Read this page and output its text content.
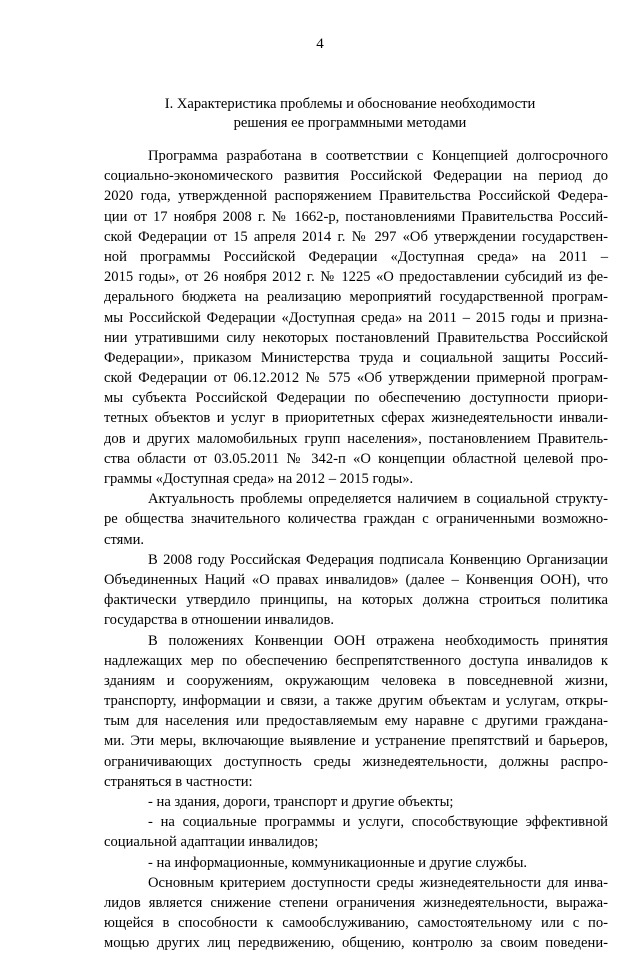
4
I. Характеристика проблемы и обоснование необходимости
решения ее программными методами
Программа разработана в соответствии с Концепцией долгосрочного
социально-экономического развития Российской Федерации на период до
2020 года, утвержденной распоряжением Правительства Российской Федера-
ции от 17 ноября 2008 г. № 1662-р, постановлениями Правительства Россий-
ской Федерации от 15 апреля 2014 г. № 297 «Об утверждении государствен-
ной программы Российской Федерации «Доступная среда» на 2011 –
2015 годы», от 26 ноября 2012 г. № 1225 «О предоставлении субсидий из фе-
дерального бюджета на реализацию мероприятий государственной програм-
мы Российской Федерации «Доступная среда» на 2011 – 2015 годы и призна-
нии утратившими силу некоторых постановлений Правительства Российской
Федерации», приказом Министерства труда и социальной защиты Россий-
ской Федерации от 06.12.2012 № 575 «Об утверждении примерной програм-
мы субъекта Российской Федерации по обеспечению доступности приори-
тетных объектов и услуг в приоритетных сферах жизнедеятельности инвали-
дов и других маломобильных групп населения», постановлением Правитель-
ства области от 03.05.2011 № 342-п «О концепции областной целевой про-
граммы «Доступная среда» на 2012 – 2015 годы».
Актуальность проблемы определяется наличием в социальной структу-
ре общества значительного количества граждан с ограниченными возможно-
стями.
В 2008 году Российская Федерация подписала Конвенцию Организации
Объединенных Наций «О правах инвалидов» (далее – Конвенция ООН), что
фактически утвердило принципы, на которых должна строиться политика
государства в отношении инвалидов.
В положениях Конвенции ООН отражена необходимость принятия
надлежащих мер по обеспечению беспрепятственного доступа инвалидов к
зданиям и сооружениям, окружающим человека в повседневной жизни,
транспорту, информации и связи, а также другим объектам и услугам, откры-
тым для населения или предоставляемым ему наравне с другими граждана-
ми. Эти меры, включающие выявление и устранение препятствий и барьеров,
ограничивающих доступность среды жизнедеятельности, должны распро-
страняться в частности:
- на здания, дороги, транспорт и другие объекты;
- на социальные программы и услуги, способствующие эффективной
социальной адаптации инвалидов;
- на информационные, коммуникационные и другие службы.
Основным критерием доступности среды жизнедеятельности для инва-
лидов является снижение степени ограничения жизнедеятельности, выража-
ющейся в способности к самообслуживанию, самостоятельному или с по-
мощью других лиц передвижению, общению, контролю за своим поведени-
